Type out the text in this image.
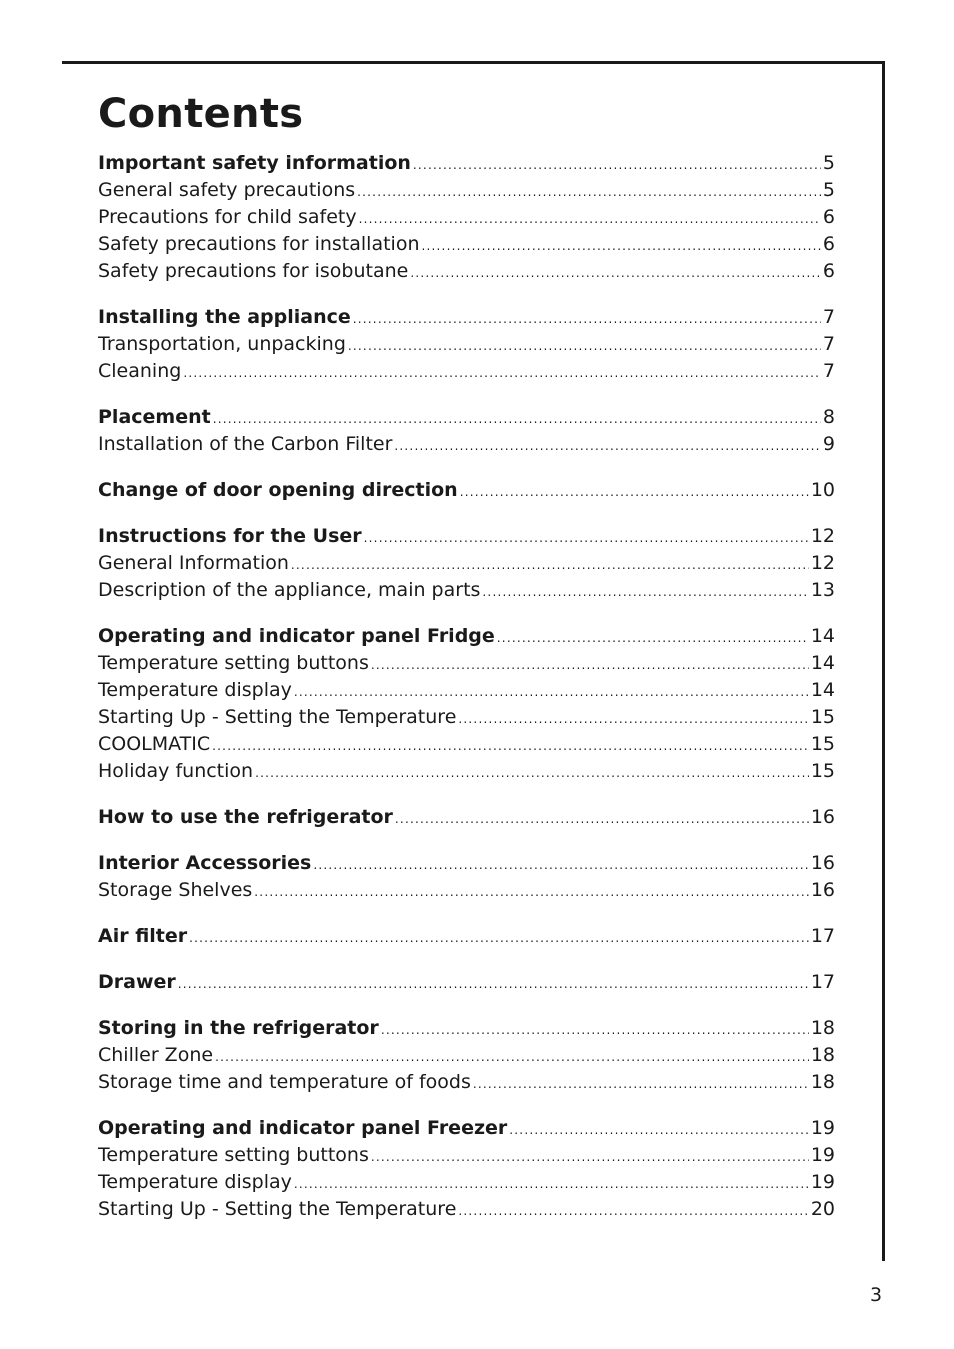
Contents
Important safety information .....	5
General safety precautions .....	5
Precautions for child safety .....	6
Safety precautions for installation .....	6
Safety precautions for isobutane .....	6
Installing the appliance .....	7
Transportation, unpacking .....	7
Cleaning .....	7
Placement .....	8
Installation of the Carbon Filter .....	9
Change of door opening direction .....	10
Instructions for the User .....	12
General Information .....	12
Description of the appliance, main parts .....	13
Operating and indicator panel Fridge .....	14
Temperature setting buttons .....	14
Temperature display .....	14
Starting Up - Setting the Temperature .....	15
COOLMATIC .....	15
Holiday function .....	15
How to use the refrigerator .....	16
Interior Accessories .....	16
Storage Shelves .....	16
Air filter .....	17
Drawer .....	17
Storing in the refrigerator .....	18
Chiller Zone .....	18
Storage time and temperature of foods .....	18
Operating and indicator panel Freezer .....	19
Temperature setting buttons .....	19
Temperature display .....	19
Starting Up - Setting the Temperature .....	20
3
